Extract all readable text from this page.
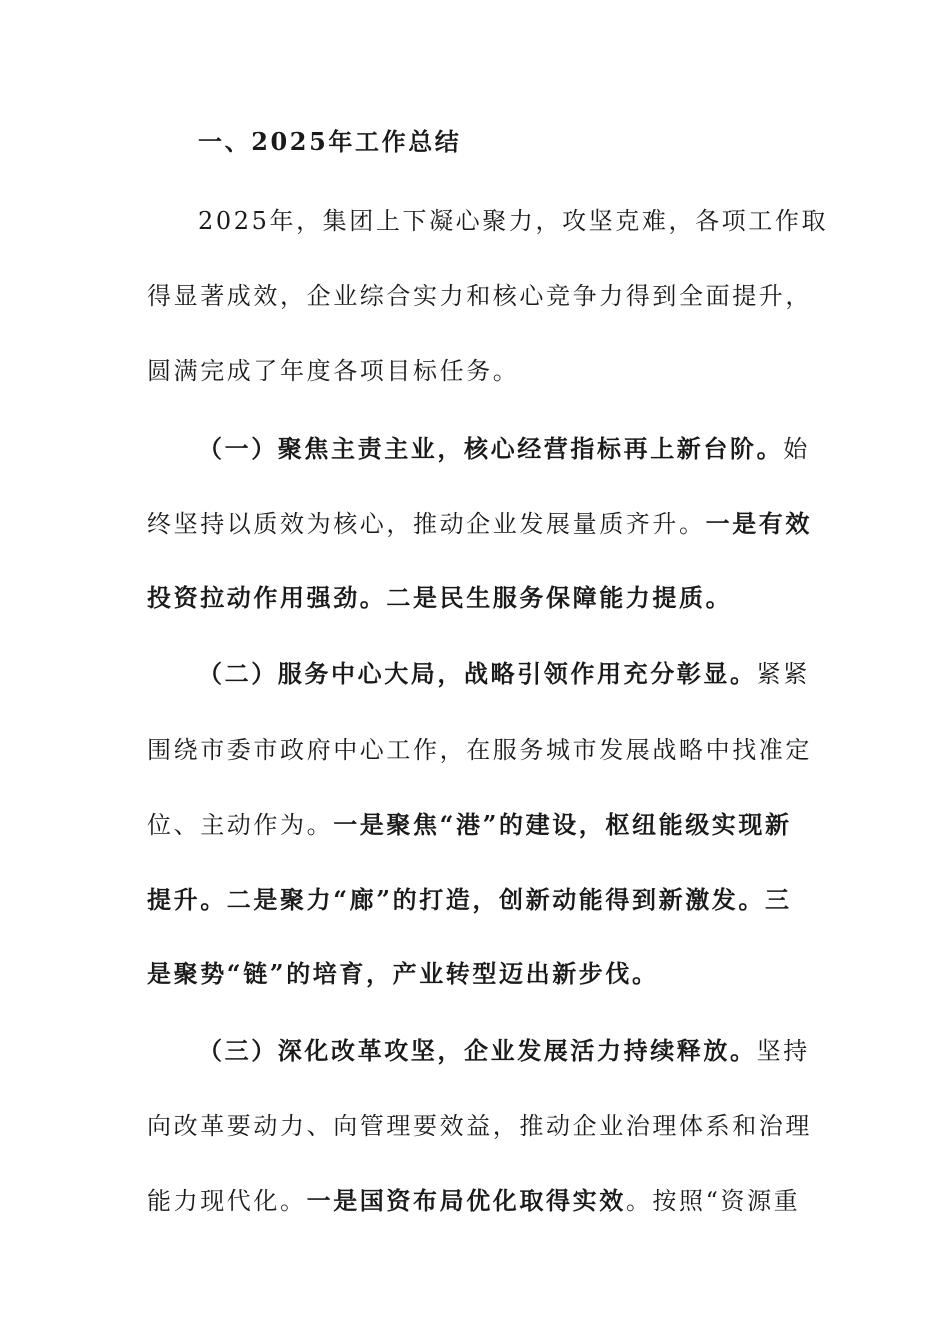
一、2025年工作总结
2025年，集团上下凝心聚力，攻坚克难，各项工作取
得显著成效，企业综合实力和核心竞争力得到全面提升，
圆满完成了年度各项目标任务。
（一）聚焦主责主业，核心经营指标再上新台阶。始
终坚持以质效为核心，推动企业发展量质齐升。一是有效
投资拉动作用强劲。二是民生服务保障能力提质。
（二）服务中心大局，战略引领作用充分彰显。紧紧
围绕市委市政府中心工作，在服务城市发展战略中找准定
位、主动作为。一是聚焦“港”的建设，枢纽能级实现新
提升。二是聚力“廊”的打造，创新动能得到新激发。三
是聚势“链”的培育，产业转型迈出新步伐。
（三）深化改革攻坚，企业发展活力持续释放。坚持
向改革要动力、向管理要效益，推动企业治理体系和治理
能力现代化。一是国资布局优化取得实效。按照“资源重
